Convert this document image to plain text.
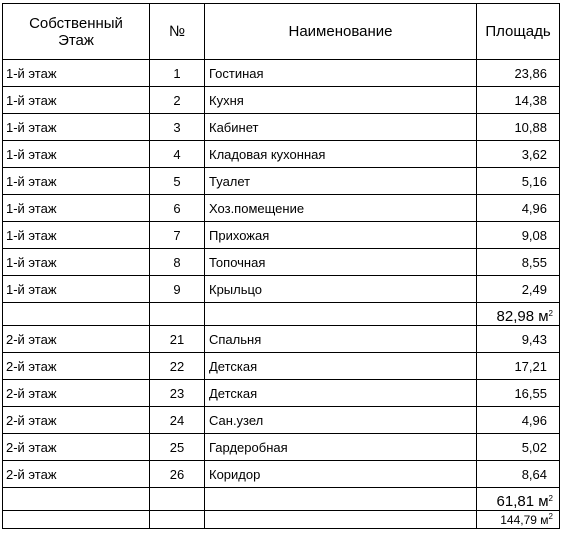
Собственный Этаж	№	Наименование	Площадь
1-й этаж	1	Гостиная	23,86
1-й этаж	2	Кухня	14,38
1-й этаж	3	Кабинет	10,88
1-й этаж	4	Кладовая кухонная	3,62
1-й этаж	5	Туалет	5,16
1-й этаж	6	Хоз.помещение	4,96
1-й этаж	7	Прихожая	9,08
1-й этаж	8	Топочная	8,55
1-й этаж	9	Крыльцо	2,49
			82,98 $м^2$
2-й этаж	21	Спальня	9,43
2-й этаж	22	Детская	17,21
2-й этаж	23	Детская	16,55
2-й этаж	24	Сан.узел	4,96
2-й этаж	25	Гардеробная	5,02
2-й этаж	26	Коридор	8,64
			61,81 $м^2$
			144,79 $м^2$
